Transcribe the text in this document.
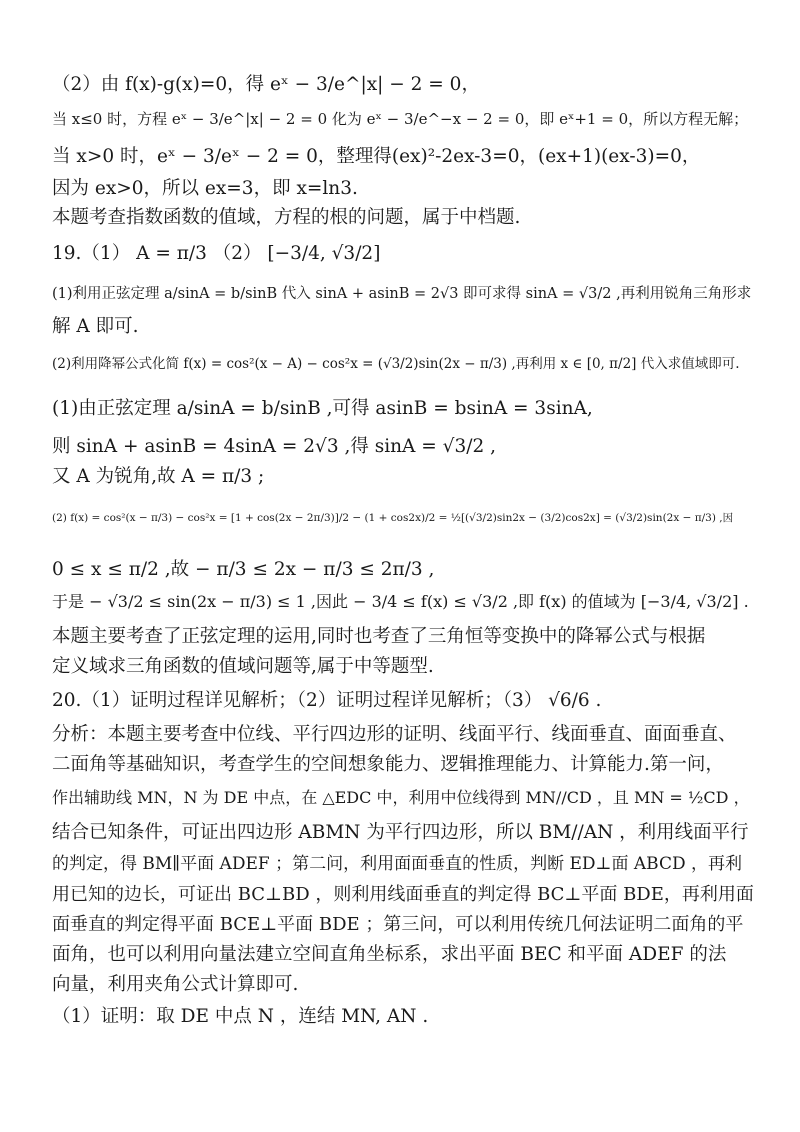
（2）由 f(x)-g(x)=0，得 eˣ − 3/e^|x| − 2 = 0，
当 x≤0 时，方程 eˣ − 3/e^|x| − 2 = 0 化为 eˣ − 3/e^−x − 2 = 0，即 eˣ+1 = 0，所以方程无解；
当 x>0 时，eˣ − 3/eˣ − 2 = 0，整理得(ex)²-2ex-3=0，(ex+1)(ex-3)=0，
因为 ex>0，所以 ex=3，即 x=ln3.
本题考查指数函数的值域，方程的根的问题，属于中档题.
19.（1） A = π/3 （2） [−3/4, √3/2]
(1)利用正弦定理 a/sinA = b/sinB 代入 sinA + asinB = 2√3 即可求得 sinA = √3/2 ,再利用锐角三角形求
解 A 即可.
(2)利用降幂公式化简 f(x) = cos²(x − A) − cos²x = (√3/2)sin(2x − π/3) ,再利用 x ∈ [0, π/2] 代入求值域即可.
(1)由正弦定理 a/sinA = b/sinB ,可得 asinB = bsinA = 3sinA,
则 sinA + asinB = 4sinA = 2√3 ,得 sinA = √3/2 ,
又 A 为锐角,故 A = π/3 ;
(2) f(x) = cos²(x − π/3) − cos²x = [1 + cos(2x − 2π/3)]/2 − (1 + cos2x)/2 = ½[(√3/2)sin2x − (3/2)cos2x] = (√3/2)sin(2x − π/3) ,因
0 ≤ x ≤ π/2 ,故 − π/3 ≤ 2x − π/3 ≤ 2π/3 ,
于是 − √3/2 ≤ sin(2x − π/3) ≤ 1 ,因此 − 3/4 ≤ f(x) ≤ √3/2 ,即 f(x) 的值域为 [−3/4, √3/2] .
本题主要考查了正弦定理的运用,同时也考查了三角恒等变换中的降幂公式与根据
定义域求三角函数的值域问题等,属于中等题型.
20.（1）证明过程详见解析；（2）证明过程详见解析；（3） √6/6 .
分析：本题主要考查中位线、平行四边形的证明、线面平行、线面垂直、面面垂直、
二面角等基础知识，考查学生的空间想象能力、逻辑推理能力、计算能力.第一问，
作出辅助线 MN，N 为 DE 中点，在 △EDC 中，利用中位线得到 MN//CD ，且 MN = ½CD ，
结合已知条件，可证出四边形 ABMN 为平行四边形，所以 BM//AN ，利用线面平行
的判定，得 BM∥平面 ADEF ；第二问，利用面面垂直的性质，判断 ED⊥面 ABCD ，再利
用已知的边长，可证出 BC⊥BD ，则利用线面垂直的判定得 BC⊥平面 BDE，再利用面
面垂直的判定得平面 BCE⊥平面 BDE ；第三问，可以利用传统几何法证明二面角的平
面角，也可以利用向量法建立空间直角坐标系，求出平面 BEC 和平面 ADEF 的法
向量，利用夹角公式计算即可.
（1）证明：取 DE 中点 N ，连结 MN, AN .
